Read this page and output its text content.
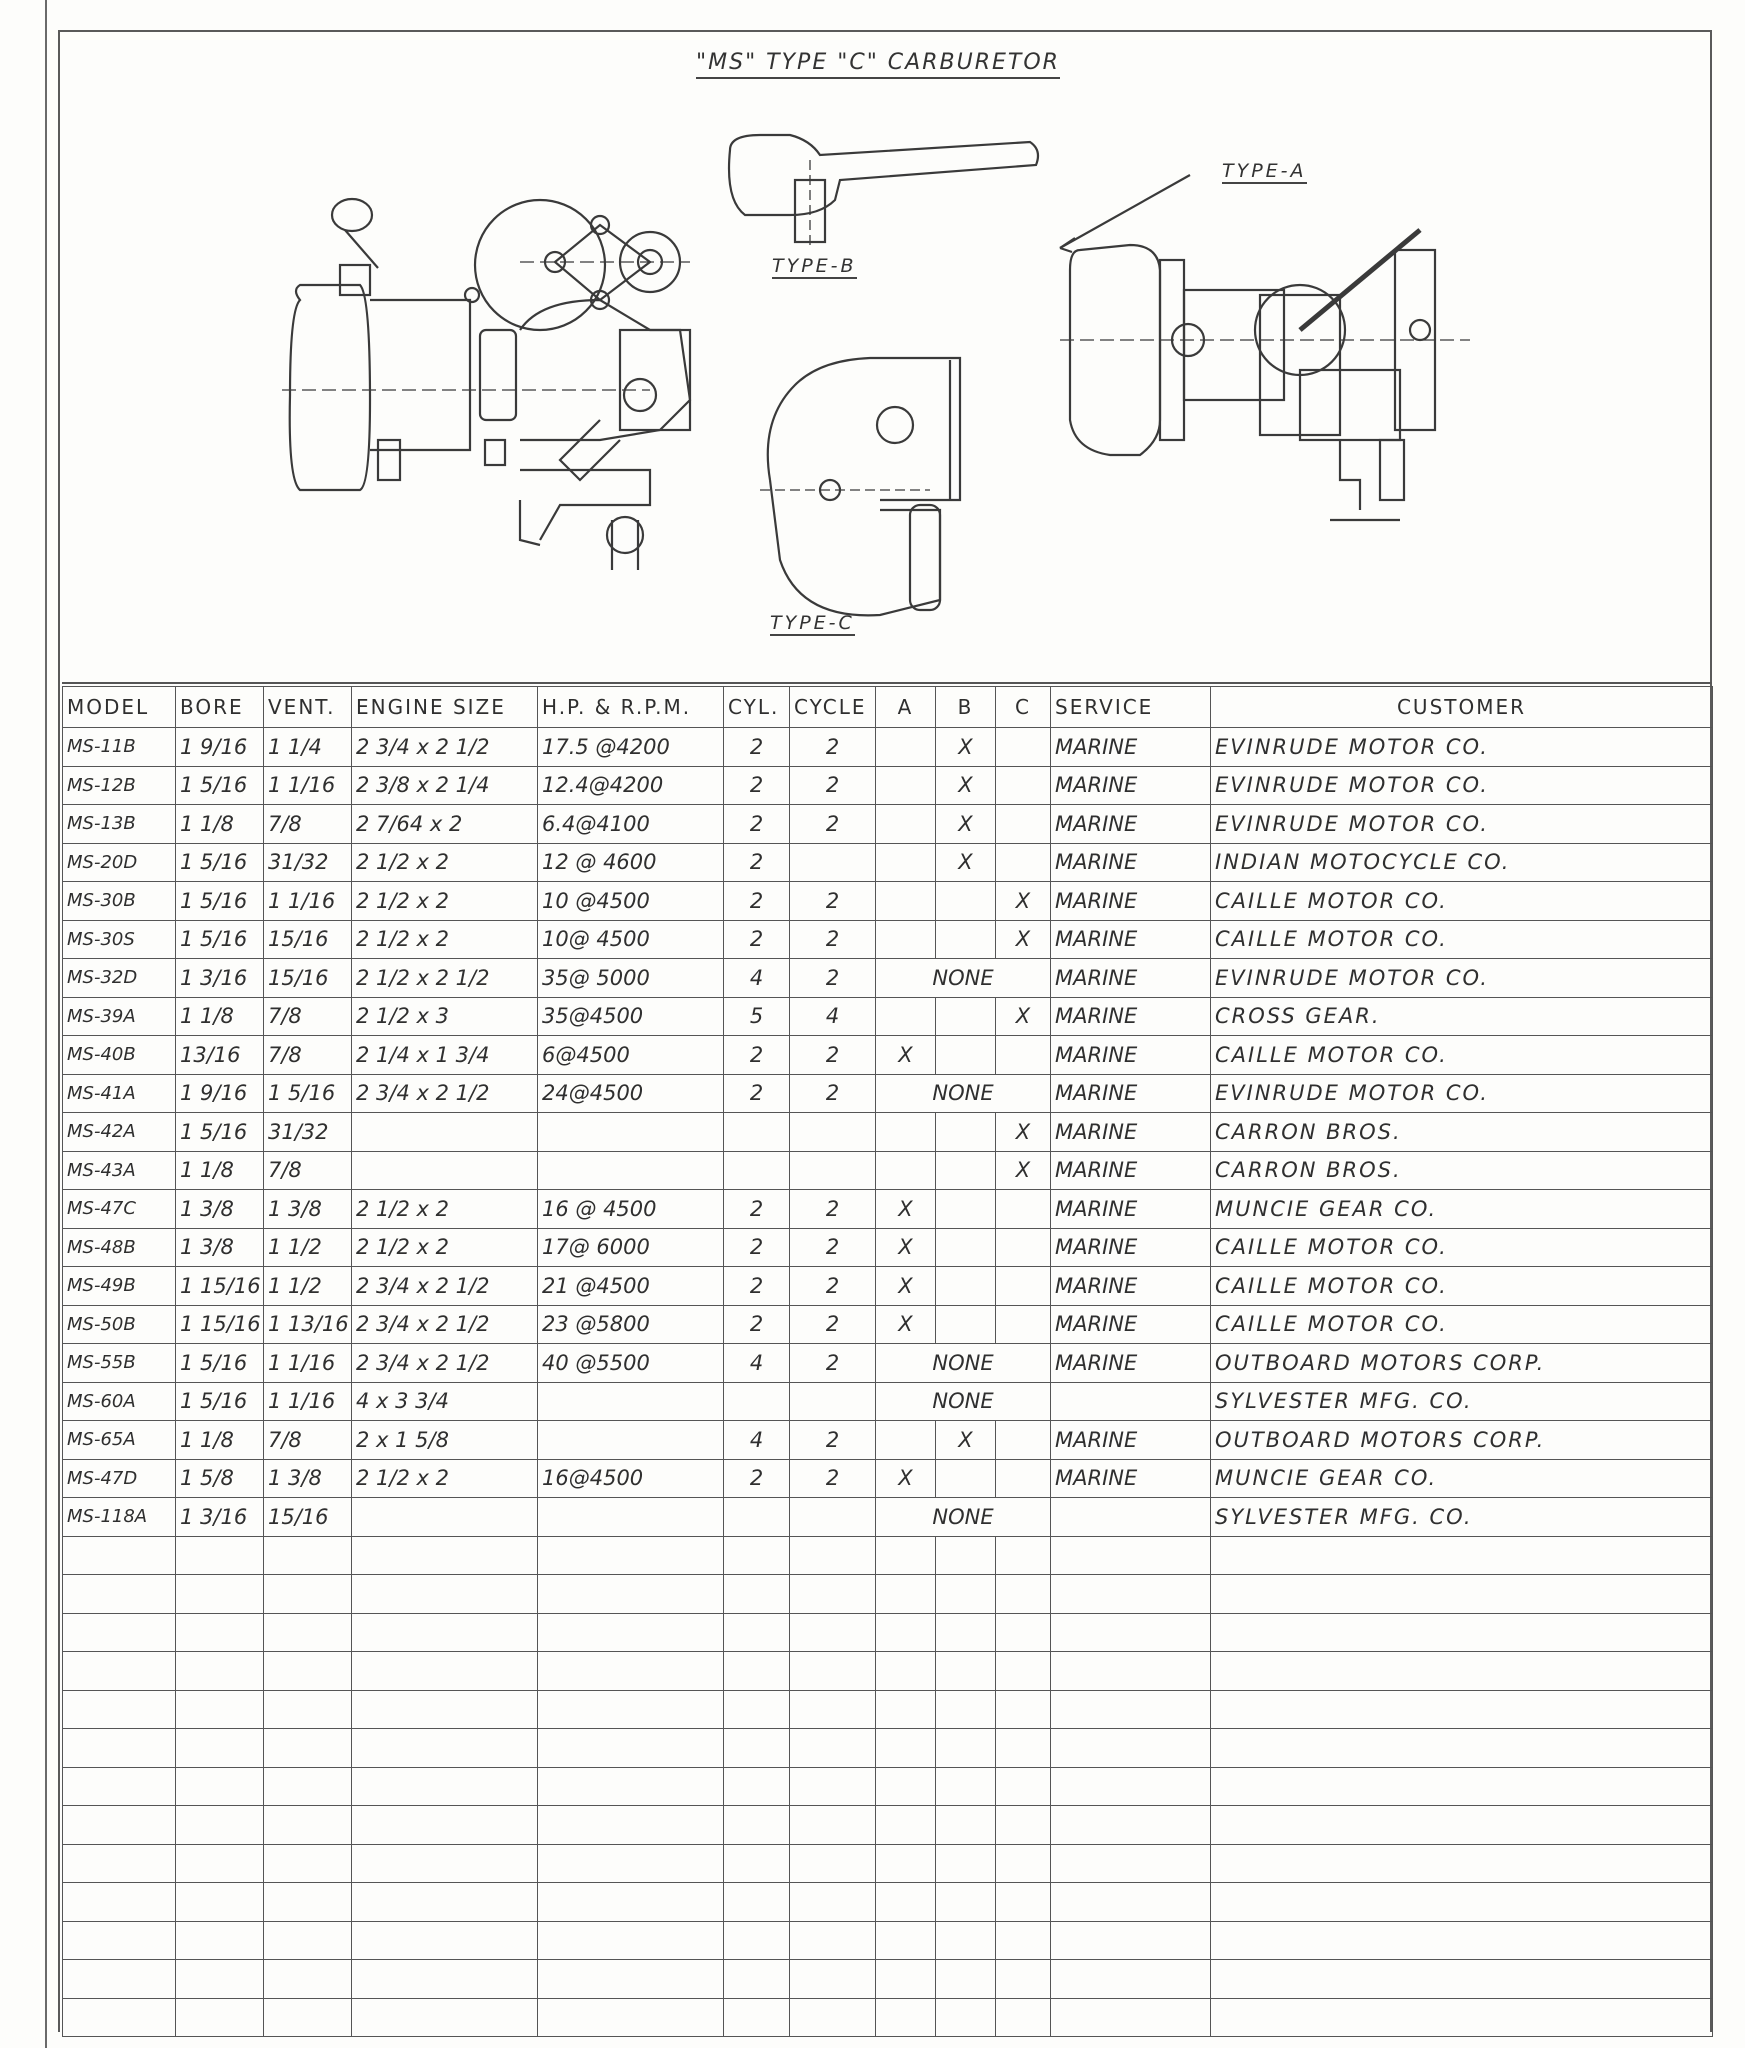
"MS" TYPE "C" CARBURETOR
TYPE-A
TYPE-B
TYPE-C
MODEL	BORE	VENT.	ENGINE SIZE	H.P. & R.P.M.	CYL.	CYCLE	A	B	C	SERVICE	CUSTOMER
MS-11B	1 9/16	1 1/4	2 3/4 x 2 1/2	17.5 @4200	2	2		X		MARINE	EVINRUDE MOTOR CO.
MS-12B	1 5/16	1 1/16	2 3/8 x 2 1/4	12.4@4200	2	2		X		MARINE	EVINRUDE MOTOR CO.
MS-13B	1 1/8	7/8	2 7/64 x 2	6.4@4100	2	2		X		MARINE	EVINRUDE MOTOR CO.
MS-20D	1 5/16	31/32	2 1/2 x 2	12 @ 4600	2			X		MARINE	INDIAN MOTOCYCLE CO.
MS-30B	1 5/16	1 1/16	2 1/2 x 2	10 @4500	2	2			X	MARINE	CAILLE MOTOR CO.
MS-30S	1 5/16	15/16	2 1/2 x 2	10@ 4500	2	2			X	MARINE	CAILLE MOTOR CO.
MS-32D	1 3/16	15/16	2 1/2 x 2 1/2	35@ 5000	4	2	NONE			MARINE	EVINRUDE MOTOR CO.
MS-39A	1 1/8	7/8	2 1/2 x 3	35@4500	5	4			X	MARINE	CROSS GEAR.
MS-40B	13/16	7/8	2 1/4 x 1 3/4	6@4500	2	2	X			MARINE	CAILLE MOTOR CO.
MS-41A	1 9/16	1 5/16	2 3/4 x 2 1/2	24@4500	2	2	NONE			MARINE	EVINRUDE MOTOR CO.
MS-42A	1 5/16	31/32							X	MARINE	CARRON BROS.
MS-43A	1 1/8	7/8							X	MARINE	CARRON BROS.
MS-47C	1 3/8	1 3/8	2 1/2 x 2	16 @ 4500	2	2	X			MARINE	MUNCIE GEAR CO.
MS-48B	1 3/8	1 1/2	2 1/2 x 2	17@ 6000	2	2	X			MARINE	CAILLE MOTOR CO.
MS-49B	1 15/16	1 1/2	2 3/4 x 2 1/2	21 @4500	2	2	X			MARINE	CAILLE MOTOR CO.
MS-50B	1 15/16	1 13/16	2 3/4 x 2 1/2	23 @5800	2	2	X			MARINE	CAILLE MOTOR CO.
MS-55B	1 5/16	1 1/16	2 3/4 x 2 1/2	40 @5500	4	2	NONE			MARINE	OUTBOARD MOTORS CORP.
MS-60A	1 5/16	1 1/16	4 x 3 3/4				NONE				SYLVESTER MFG. CO.
MS-65A	1 1/8	7/8	2 x 1 5/8		4	2		X		MARINE	OUTBOARD MOTORS CORP.
MS-47D	1 5/8	1 3/8	2 1/2 x 2	16@4500	2	2	X			MARINE	MUNCIE GEAR CO.
MS-118A	1 3/16	15/16					NONE				SYLVESTER MFG. CO.
